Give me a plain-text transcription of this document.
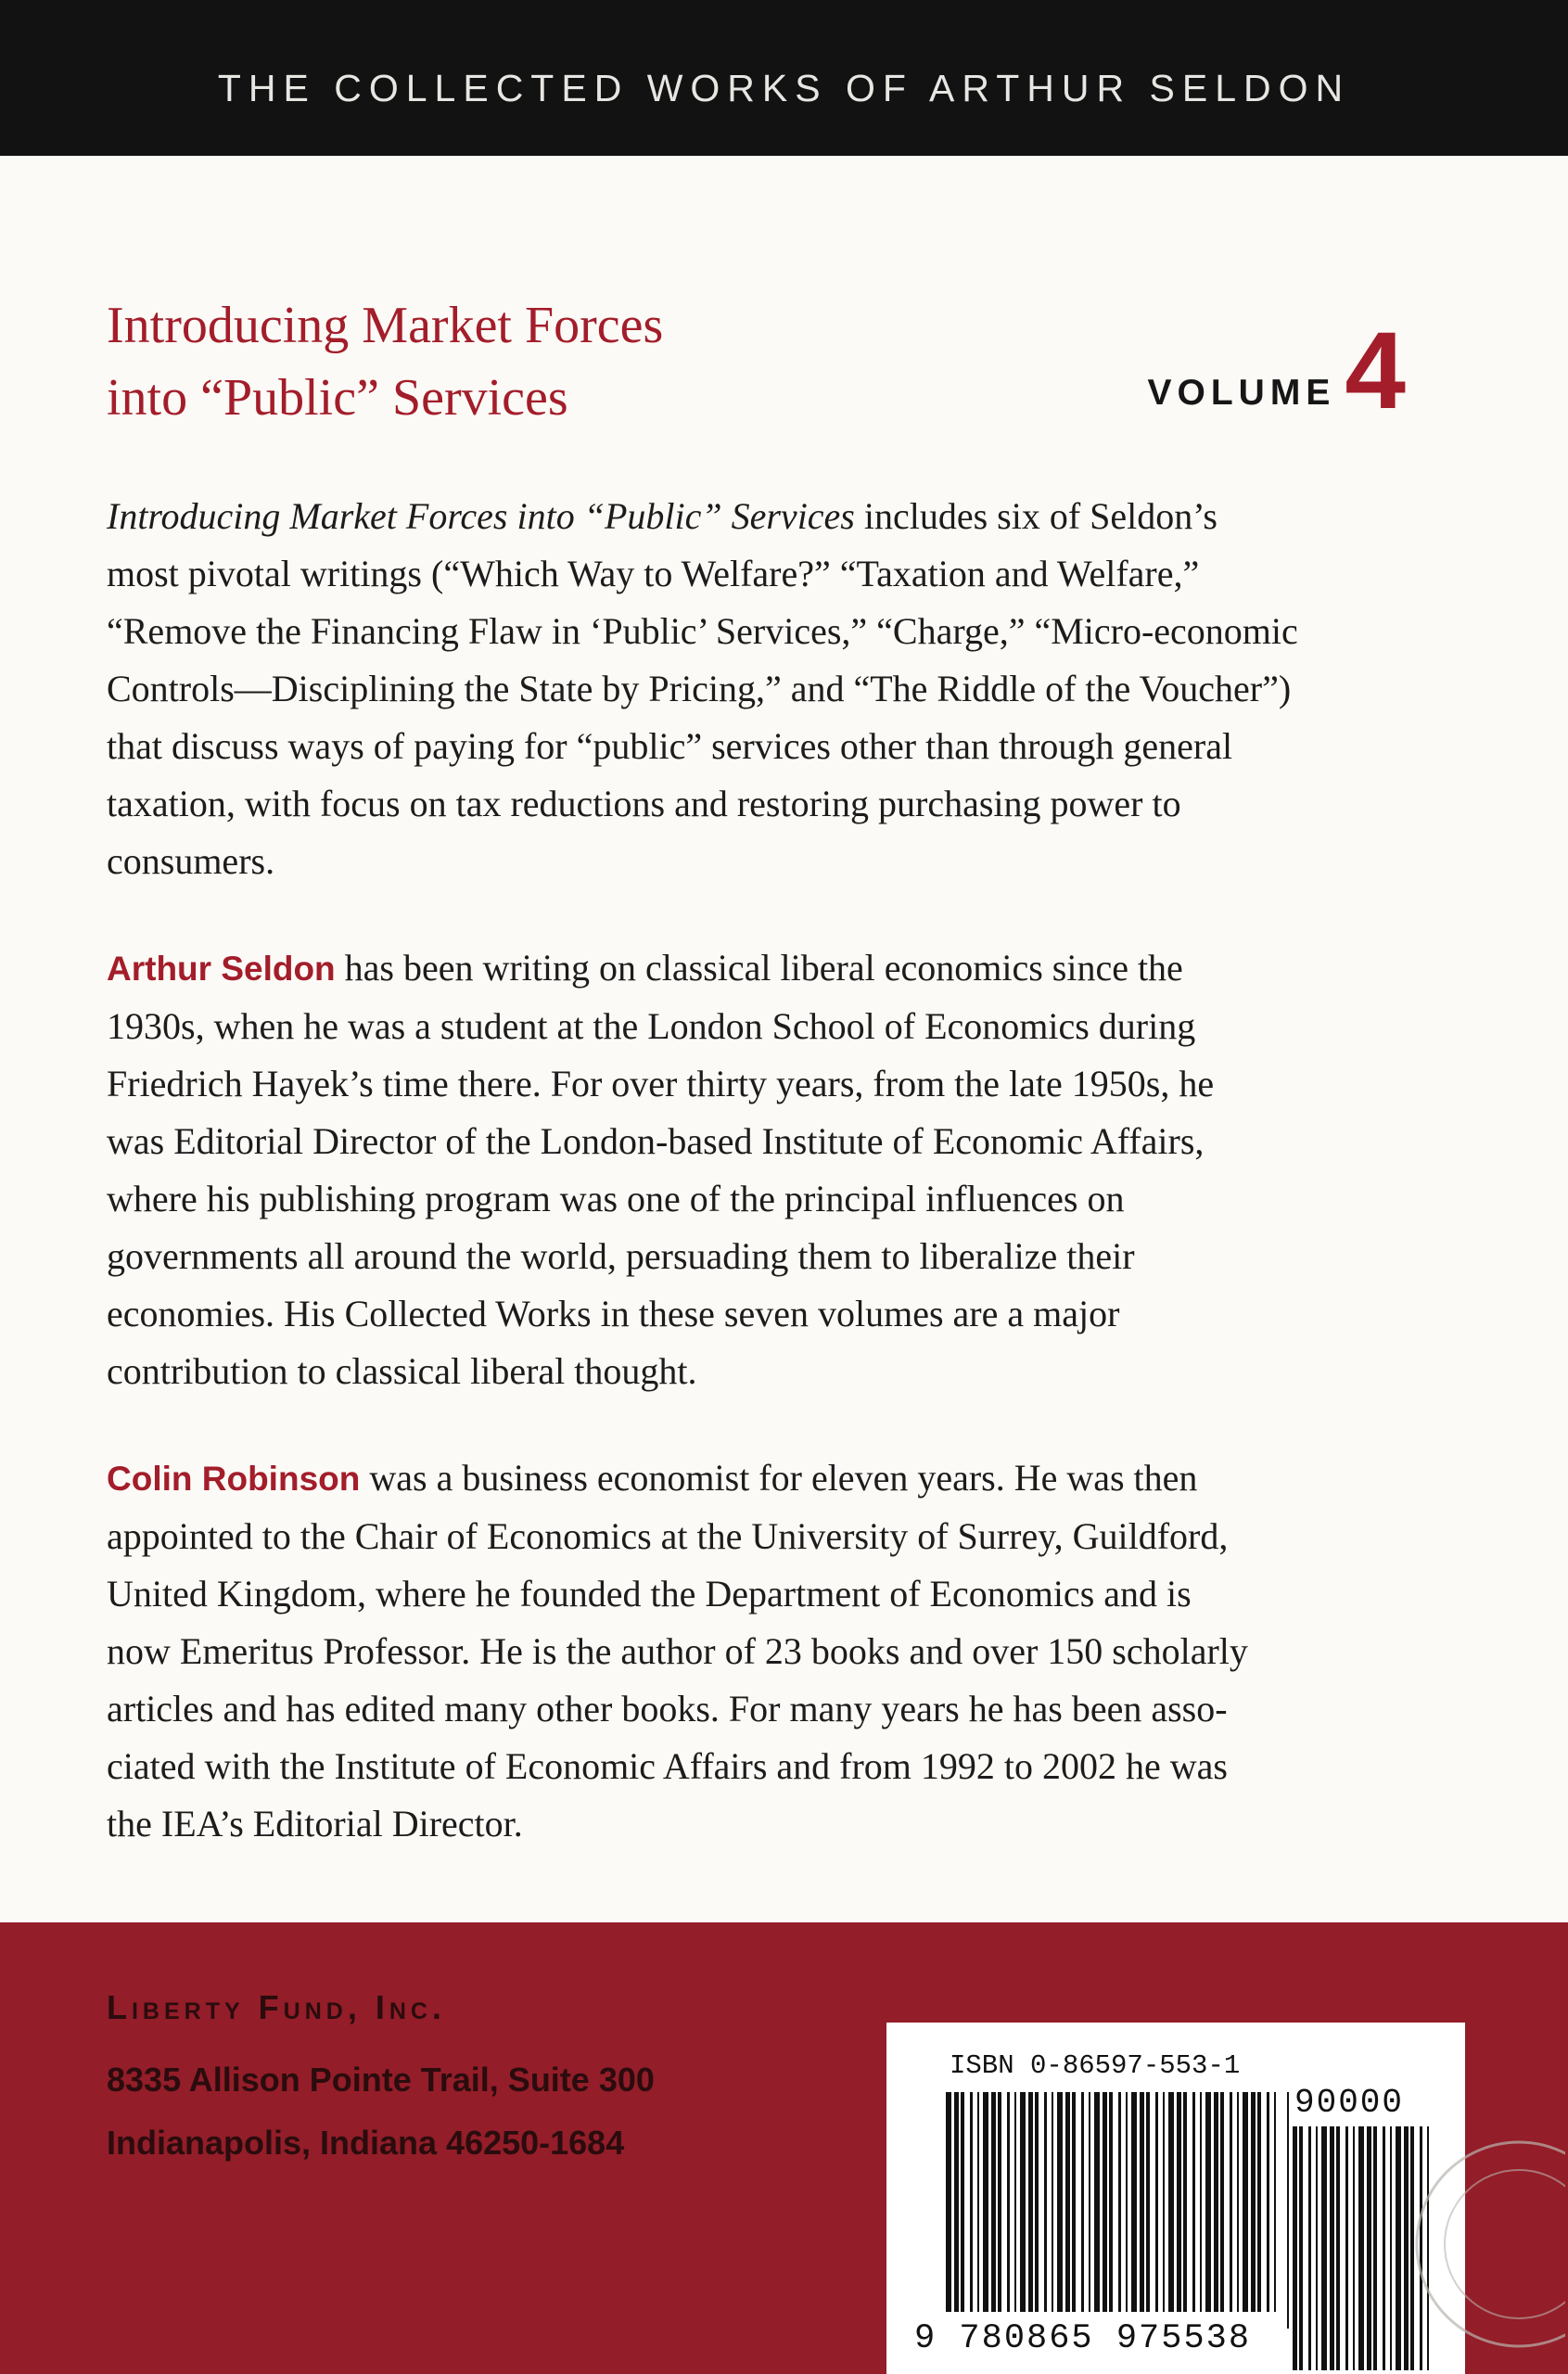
THE COLLECTED WORKS OF ARTHUR SELDON
Introducing Market Forces
into “Public” Services	VOLUME 4
Introducing Market Forces into “Public” Services includes six of Seldon’s
most pivotal writings (“Which Way to Welfare?” “Taxation and Welfare,”
“Remove the Financing Flaw in ‘Public’ Services,” “Charge,” “Micro-economic
Controls—Disciplining the State by Pricing,” and “The Riddle of the Voucher”)
that discuss ways of paying for “public” services other than through general
taxation, with focus on tax reductions and restoring purchasing power to
consumers.
Arthur Seldon has been writing on classical liberal economics since the
1930s, when he was a student at the London School of Economics during
Friedrich Hayek’s time there. For over thirty years, from the late 1950s, he
was Editorial Director of the London-based Institute of Economic Affairs,
where his publishing program was one of the principal influences on
governments all around the world, persuading them to liberalize their
economies. His Collected Works in these seven volumes are a major
contribution to classical liberal thought.
Colin Robinson was a business economist for eleven years. He was then
appointed to the Chair of Economics at the University of Surrey, Guildford,
United Kingdom, where he founded the Department of Economics and is
now Emeritus Professor. He is the author of 23 books and over 150 scholarly
articles and has edited many other books. For many years he has been asso-
ciated with the Institute of Economic Affairs and from 1992 to 2002 he was
the IEA’s Editorial Director.
Liberty Fund, Inc.
8335 Allison Pointe Trail, Suite 300
Indianapolis, Indiana 46250-1684
ISBN 0-86597-553-1
90000
9 780865 975538
